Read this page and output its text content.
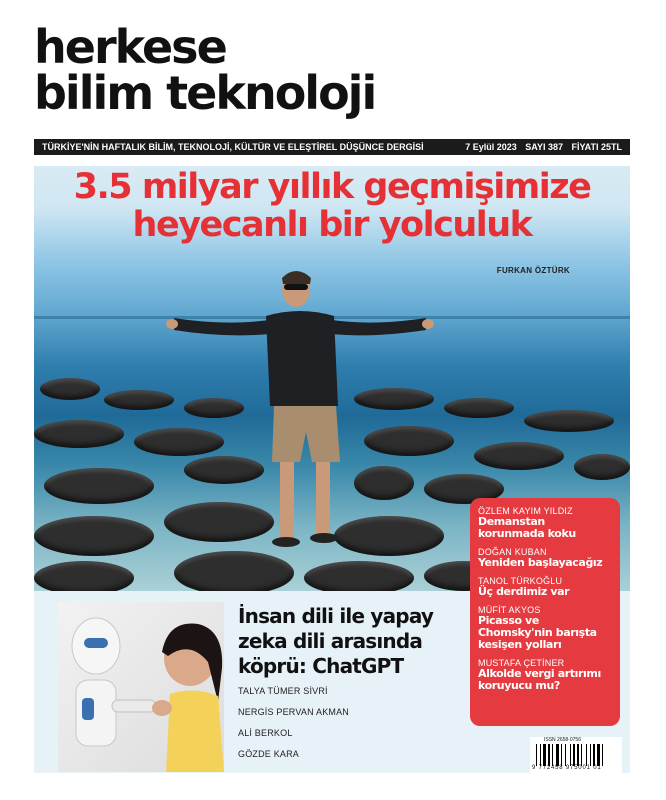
herkese
bilim teknoloji
TÜRKİYE'NİN HAFTALIK BİLİM, TEKNOLOJİ, KÜLTÜR VE ELEŞTİREL DÜŞÜNCE DERGİSİ	7 Eylül 2023 SAYI 387 FİYATI 25TL
3.5 milyar yıllık geçmişimize
heyecanlı bir yolculuk
FURKAN ÖZTÜRK
İnsan dili ile yapay zeka dili arasında köprü: ChatGPT
TALYA TÜMER SİVRİ
NERGİS PERVAN AKMAN
ALİ BERKOL
GÖZDE KARA
ÖZLEM KAYIM YILDIZ
Demanstan korunmada koku
DOĞAN KUBAN
Yeniden başlayacağız
TANOL TÜRKOĞLU
Üç derdimiz var
MÜFİT AKYOS
Picasso ve Chomsky'nin barışta kesişen yolları
MUSTAFA ÇETİNER
Alkolde vergi artırımı koruyucu mu?
ISSN 2658-0756
9 772458 975001 01
